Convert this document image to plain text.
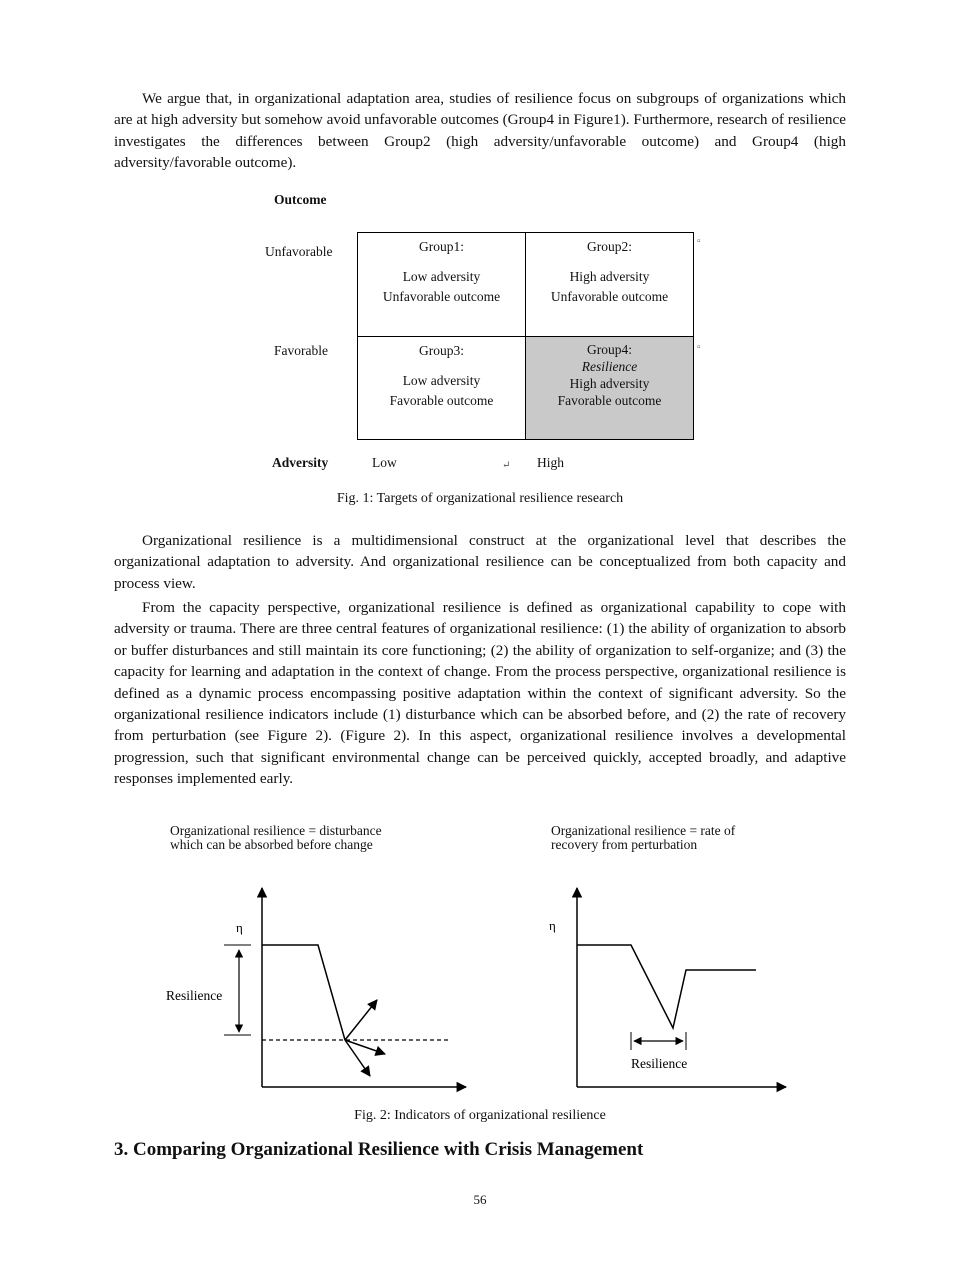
We argue that, in organizational adaptation area, studies of resilience focus on subgroups of organizations which are at high adversity but somehow avoid unfavorable outcomes (Group4 in Figure1). Furthermore, research of resilience investigates the differences between Group2 (high adversity/unfavorable outcome) and Group4 (high adversity/favorable outcome).

Outcome
Unfavorable
Favorable
Group1:
Low adversity
Unfavorable outcome
Group2:
High adversity
Unfavorable outcome
Group3:
Low adversity
Favorable outcome
Group4:
Resilience
High adversity
Favorable outcome
▫
▫
Adversity	Low	↵ High
Fig. 1: Targets of organizational resilience research

Organizational resilience is a multidimensional construct at the organizational level that describes the organizational adaptation to adversity. And organizational resilience can be conceptualized from both capacity and process view.

From the capacity perspective, organizational resilience is defined as organizational capability to cope with adversity or trauma. There are three central features of organizational resilience: (1) the ability of organization to absorb or buffer disturbances and still maintain its core functioning; (2) the ability of organization to self-organize; and (3) the capacity for learning and adaptation in the context of change. From the process perspective, organizational resilience is defined as a dynamic process encompassing positive adaptation within the context of significant adversity. So the organizational resilience indicators include (1) disturbance which can be absorbed before, and (2) the rate of recovery from perturbation (see Figure 2). (Figure 2). In this aspect, organizational resilience involves a developmental progression, such that significant environmental change can be perceived quickly, accepted broadly, and adaptive responses implemented early.

Organizational resilience = disturbance
which can be absorbed before change
Organizational resilience = rate of
recovery from perturbation
η
Resilience
η
Resilience
Fig. 2: Indicators of organizational resilience
3. Comparing Organizational Resilience with Crisis Management
56
